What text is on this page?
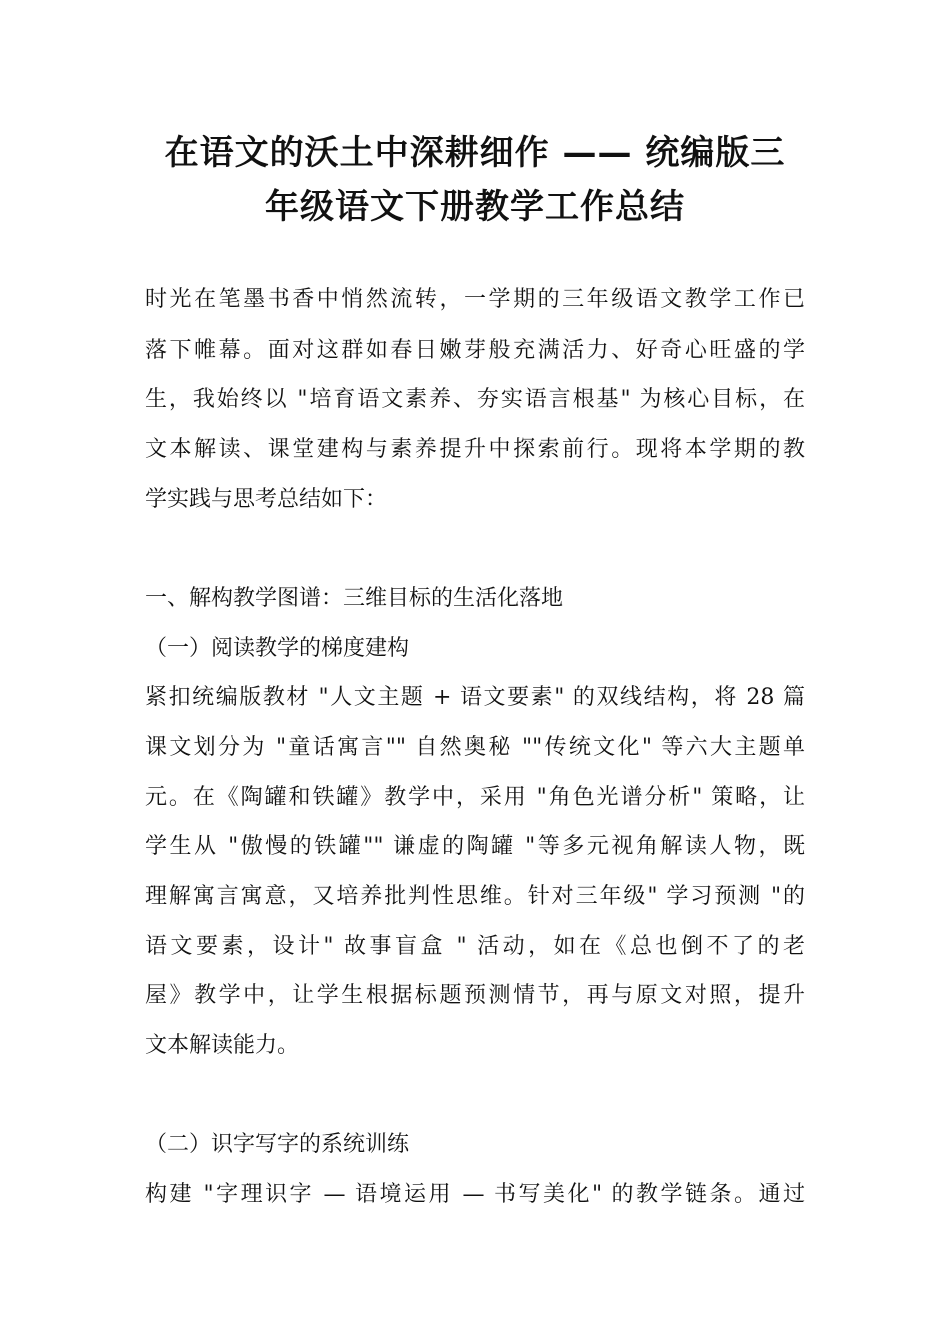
在语文的沃土中深耕细作 —— 统编版三
年级语文下册教学工作总结
时光在笔墨书香中悄然流转，一学期的三年级语文教学工作已
落下帷幕。面对这群如春日嫩芽般充满活力、好奇心旺盛的学
生，我始终以 "培育语文素养、夯实语言根基" 为核心目标，在
文本解读、课堂建构与素养提升中探索前行。现将本学期的教
学实践与思考总结如下：
一、解构教学图谱：三维目标的生活化落地
（一）阅读教学的梯度建构
紧扣统编版教材 "人文主题 + 语文要素" 的双线结构，将 28 篇
课文划分为 "童话寓言"" 自然奥秘 ""传统文化" 等六大主题单
元。在《陶罐和铁罐》教学中，采用 "角色光谱分析" 策略，让
学生从 "傲慢的铁罐"" 谦虚的陶罐 "等多元视角解读人物，既
理解寓言寓意，又培养批判性思维。针对三年级" 学习预测 "的
语文要素，设计" 故事盲盒 " 活动，如在《总也倒不了的老
屋》教学中，让学生根据标题预测情节，再与原文对照，提升
文本解读能力。
（二）识字写字的系统训练
构建 "字理识字 — 语境运用 — 书写美化" 的教学链条。通过
